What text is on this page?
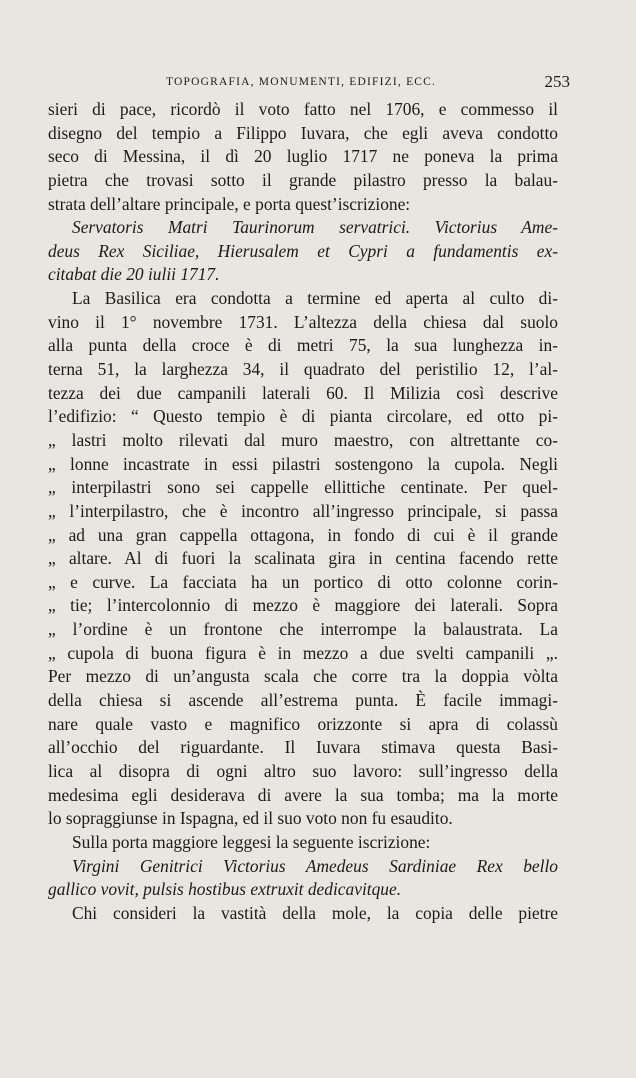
TOPOGRAFIA, MONUMENTI, EDIFIZI, ECC.	253
sieri di pace, ricordò il voto fatto nel 1706, e commesso il
disegno del tempio a Filippo Iuvara, che egli aveva condotto
seco di Messina, il dì 20 luglio 1717 ne poneva la prima
pietra che trovasi sotto il grande pilastro presso la balau-
strata dell’altare principale, e porta quest’iscrizione:
Servatoris Matri Taurinorum servatrici. Victorius Ame-
deus Rex Siciliae, Hierusalem et Cypri a fundamentis ex-
citabat die 20 iulii 1717.
La Basilica era condotta a termine ed aperta al culto di-
vino il 1° novembre 1731. L’altezza della chiesa dal suolo
alla punta della croce è di metri 75, la sua lunghezza in-
terna 51, la larghezza 34, il quadrato del peristilio 12, l’al-
tezza dei due campanili laterali 60. Il Milizia così descrive
l’edifizio: “ Questo tempio è di pianta circolare, ed otto pi-
„ lastri molto rilevati dal muro maestro, con altrettante co-
„ lonne incastrate in essi pilastri sostengono la cupola. Negli
„ interpilastri sono sei cappelle ellittiche centinate. Per quel-
„ l’interpilastro, che è incontro all’ingresso principale, si passa
„ ad una gran cappella ottagona, in fondo di cui è il grande
„ altare. Al di fuori la scalinata gira in centina facendo rette
„ e curve. La facciata ha un portico di otto colonne corin-
„ tie; l’intercolonnio di mezzo è maggiore dei laterali. Sopra
„ l’ordine è un frontone che interrompe la balaustrata. La
„ cupola di buona figura è in mezzo a due svelti campanili „.
Per mezzo di un’angusta scala che corre tra la doppia vòlta
della chiesa si ascende all’estrema punta. È facile immagi-
nare quale vasto e magnifico orizzonte si apra di colassù
all’occhio del riguardante. Il Iuvara stimava questa Basi-
lica al disopra di ogni altro suo lavoro: sull’ingresso della
medesima egli desiderava di avere la sua tomba; ma la morte
lo sopraggiunse in Ispagna, ed il suo voto non fu esaudito.
Sulla porta maggiore leggesi la seguente iscrizione:
Virgini Genitrici Victorius Amedeus Sardiniae Rex bello
gallico vovit, pulsis hostibus extruxit dedicavitque.
Chi consideri la vastità della mole, la copia delle pietre
